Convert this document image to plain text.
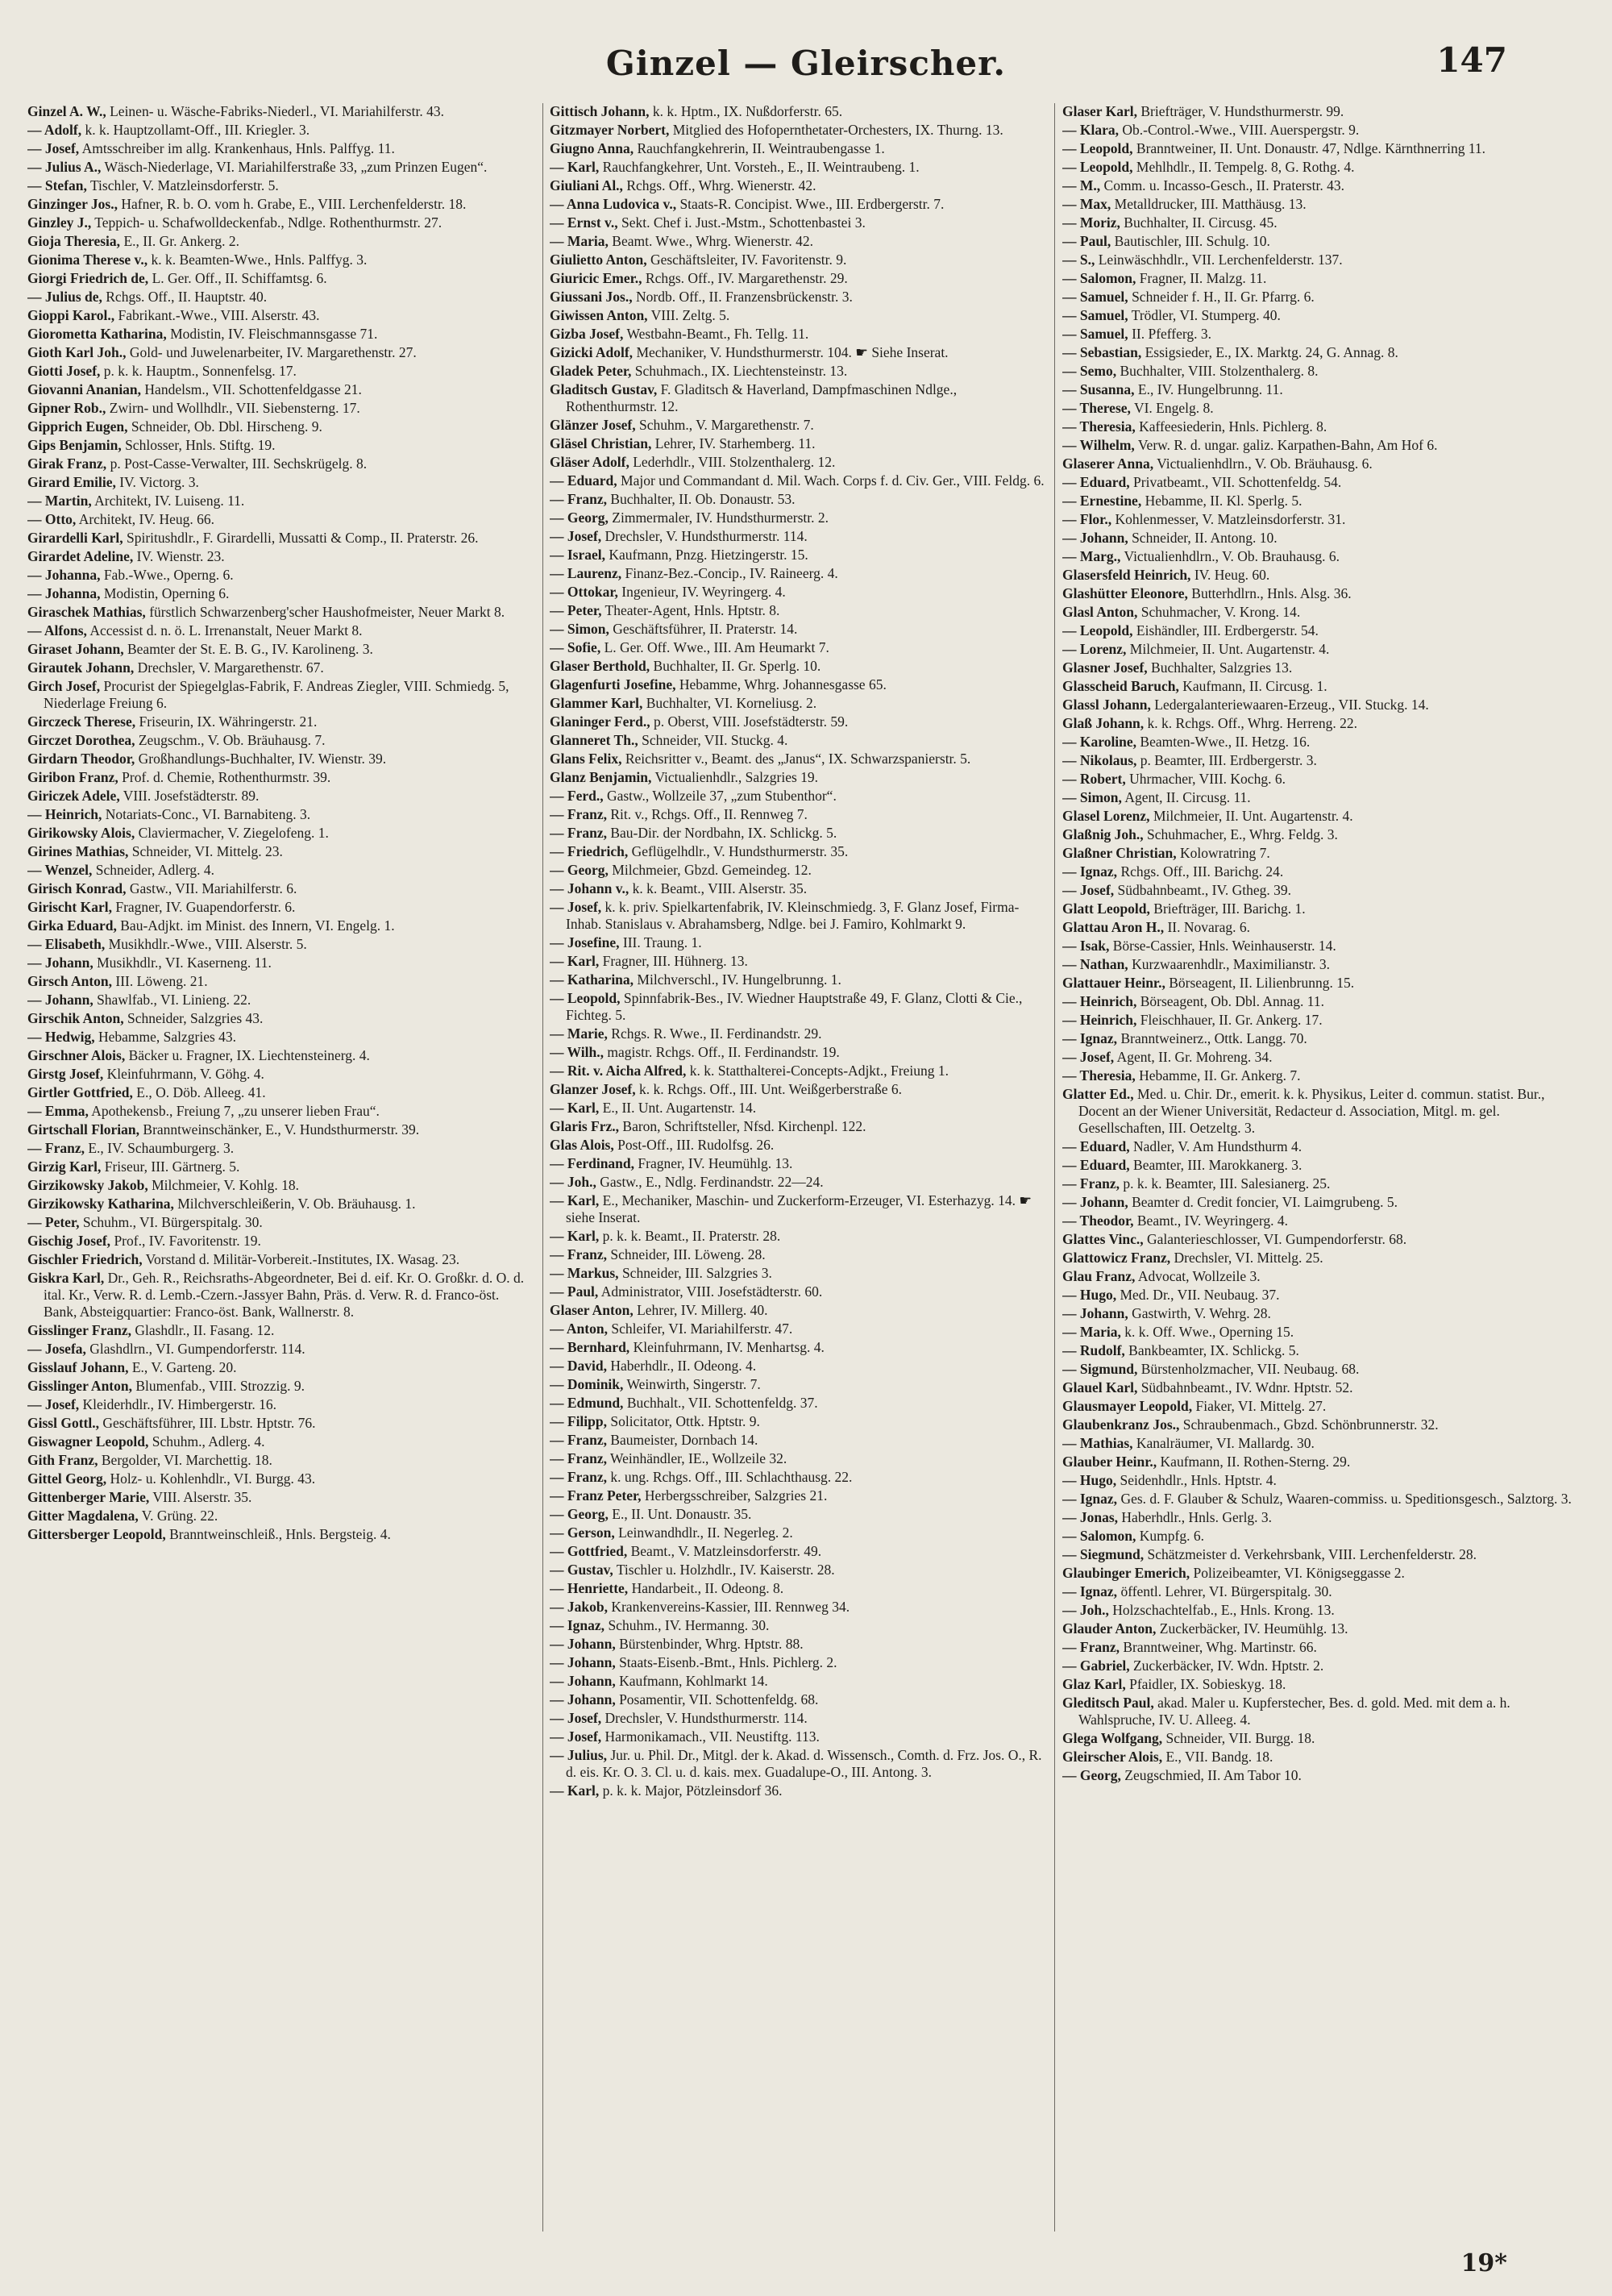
Ginzel — Gleirscher.	147
Ginzel A. W., Leinen- u. Wäsche-Fabriks-Niederl., VI. Mariahilferstr. 43.
— Adolf, k. k. Hauptzollamt-Off., III. Kriegler. 3.
— Josef, Amtsschreiber im allg. Krankenhaus, Hnls. Palffyg. 11.
— Julius A., Wäsch-Niederlage, VI. Mariahilferstraße 33, „zum Prinzen Eugen“.
— Stefan, Tischler, V. Matzleinsdorferstr. 5.
Ginzinger Jos., Hafner, R. b. O. vom h. Grabe, E., VIII. Lerchenfelderstr. 18.
Ginzley J., Teppich- u. Schafwolldeckenfab., Ndlge. Rothenthurmstr. 27.
Gioja Theresia, E., II. Gr. Ankerg. 2.
Gionima Therese v., k. k. Beamten-Wwe., Hnls. Palffyg. 3.
Giorgi Friedrich de, L. Ger. Off., II. Schiffamtsg. 6.
— Julius de, Rchgs. Off., II. Hauptstr. 40.
Gioppi Karol., Fabrikant.-Wwe., VIII. Alserstr. 43.
Giorometta Katharina, Modistin, IV. Fleischmannsgasse 71.
Gioth Karl Joh., Gold- und Juwelenarbeiter, IV. Margarethenstr. 27.
Giotti Josef, p. k. k. Hauptm., Sonnenfelsg. 17.
Giovanni Ananian, Handelsm., VII. Schottenfeldgasse 21.
Gipner Rob., Zwirn- und Wollhdlr., VII. Siebensterng. 17.
Gipprich Eugen, Schneider, Ob. Dbl. Hirscheng. 9.
Gips Benjamin, Schlosser, Hnls. Stiftg. 19.
Girak Franz, p. Post-Casse-Verwalter, III. Sechskrügelg. 8.
Girard Emilie, IV. Victorg. 3.
— Martin, Architekt, IV. Luiseng. 11.
— Otto, Architekt, IV. Heug. 66.
Girardelli Karl, Spiritushdlr., F. Girardelli, Mussatti & Comp., II. Praterstr. 26.
Girardet Adeline, IV. Wienstr. 23.
— Johanna, Fab.-Wwe., Operng. 6.
— Johanna, Modistin, Operning 6.
Giraschek Mathias, fürstlich Schwarzenberg'scher Haushofmeister, Neuer Markt 8.
— Alfons, Accessist d. n. ö. L. Irrenanstalt, Neuer Markt 8.
Giraset Johann, Beamter der St. E. B. G., IV. Karolineng. 3.
Girautek Johann, Drechsler, V. Margarethenstr. 67.
Girch Josef, Procurist der Spiegelglas-Fabrik, F. Andreas Ziegler, VIII. Schmiedg. 5, Niederlage Freiung 6.
Girczeck Therese, Friseurin, IX. Währingerstr. 21.
Girczet Dorothea, Zeugschm., V. Ob. Bräuhausg. 7.
Girdarn Theodor, Großhandlungs-Buchhalter, IV. Wienstr. 39.
Giribon Franz, Prof. d. Chemie, Rothenthurmstr. 39.
Giriczek Adele, VIII. Josefstädterstr. 89.
— Heinrich, Notariats-Conc., VI. Barnabiteng. 3.
Girikowsky Alois, Claviermacher, V. Ziegelofeng. 1.
Girines Mathias, Schneider, VI. Mittelg. 23.
— Wenzel, Schneider, Adlerg. 4.
Girisch Konrad, Gastw., VII. Mariahilferstr. 6.
Girischt Karl, Fragner, IV. Guapendorferstr. 6.
Girka Eduard, Bau-Adjkt. im Minist. des Innern, VI. Engelg. 1.
— Elisabeth, Musikhdlr.-Wwe., VIII. Alserstr. 5.
— Johann, Musikhdlr., VI. Kaserneng. 11.
Girsch Anton, III. Löweng. 21.
— Johann, Shawlfab., VI. Linieng. 22.
Girschik Anton, Schneider, Salzgries 43.
— Hedwig, Hebamme, Salzgries 43.
Girschner Alois, Bäcker u. Fragner, IX. Liechtensteinerg. 4.
Girstg Josef, Kleinfuhrmann, V. Göhg. 4.
Girtler Gottfried, E., O. Döb. Alleeg. 41.
— Emma, Apothekensb., Freiung 7, „zu unserer lieben Frau“.
Girtschall Florian, Branntweinschänker, E., V. Hundsthurmerstr. 39.
— Franz, E., IV. Schaumburgerg. 3.
Girzig Karl, Friseur, III. Gärtnerg. 5.
Girzikowsky Jakob, Milchmeier, V. Kohlg. 18.
Girzikowsky Katharina, Milchverschleißerin, V. Ob. Bräuhausg. 1.
— Peter, Schuhm., VI. Bürgerspitalg. 30.
Gischig Josef, Prof., IV. Favoritenstr. 19.
Gischler Friedrich, Vorstand d. Militär-Vorbereit.-Institutes, IX. Wasag. 23.
Giskra Karl, Dr., Geh. R., Reichsraths-Abgeordneter, Bei d. eif. Kr. O. Großkr. d. O. d. ital. Kr., Verw. R. d. Lemb.-Czern.-Jassyer Bahn, Präs. d. Verw. R. d. Franco-öst. Bank, Absteigquartier: Franco-öst. Bank, Wallnerstr. 8.
Gisslinger Franz, Glashdlr., II. Fasang. 12.
— Josefa, Glashdlrn., VI. Gumpendorferstr. 114.
Gisslauf Johann, E., V. Garteng. 20.
Gisslinger Anton, Blumenfab., VIII. Strozzig. 9.
— Josef, Kleiderhdlr., IV. Himbergerstr. 16.
Gissl Gottl., Geschäftsführer, III. Lbstr. Hptstr. 76.
Giswagner Leopold, Schuhm., Adlerg. 4.
Gith Franz, Bergolder, VI. Marchettig. 18.
Gittel Georg, Holz- u. Kohlenhdlr., VI. Burgg. 43.
Gittenberger Marie, VIII. Alserstr. 35.
Gitter Magdalena, V. Grüng. 22.
Gittersberger Leopold, Branntweinschleiß., Hnls. Bergsteig. 4.
Gittisch Johann, k. k. Hptm., IX. Nußdorferstr. 65.
Gitzmayer Norbert, Mitglied des Hofopernthetater-Orchesters, IX. Thurng. 13.
Giugno Anna, Rauchfangkehrerin, II. Weintraubengasse 1.
— Karl, Rauchfangkehrer, Unt. Vorsteh., E., II. Weintraubeng. 1.
Giuliani Al., Rchgs. Off., Whrg. Wienerstr. 42.
— Anna Ludovica v., Staats-R. Concipist. Wwe., III. Erdbergerstr. 7.
— Ernst v., Sekt. Chef i. Just.-Mstm., Schottenbastei 3.
— Maria, Beamt. Wwe., Whrg. Wienerstr. 42.
Giulietto Anton, Geschäftsleiter, IV. Favoritenstr. 9.
Giuricic Emer., Rchgs. Off., IV. Margarethenstr. 29.
Giussani Jos., Nordb. Off., II. Franzensbrückenstr. 3.
Giwissen Anton, VIII. Zeltg. 5.
Gizba Josef, Westbahn-Beamt., Fh. Tellg. 11.
Gizicki Adolf, Mechaniker, V. Hundsthurmerstr. 104. ☛ Siehe Inserat.
Gladek Peter, Schuhmach., IX. Liechtensteinstr. 13.
Gladitsch Gustav, F. Gladitsch & Haverland, Dampfmaschinen Ndlge., Rothenthurmstr. 12.
Glänzer Josef, Schuhm., V. Margarethenstr. 7.
Gläsel Christian, Lehrer, IV. Starhemberg. 11.
Gläser Adolf, Lederhdlr., VIII. Stolzenthalerg. 12.
— Eduard, Major und Commandant d. Mil. Wach. Corps f. d. Civ. Ger., VIII. Feldg. 6.
— Franz, Buchhalter, II. Ob. Donaustr. 53.
— Georg, Zimmermaler, IV. Hundsthurmerstr. 2.
— Josef, Drechsler, V. Hundsthurmerstr. 114.
— Israel, Kaufmann, Pnzg. Hietzingerstr. 15.
— Laurenz, Finanz-Bez.-Concip., IV. Raineerg. 4.
— Ottokar, Ingenieur, IV. Weyringerg. 4.
— Peter, Theater-Agent, Hnls. Hptstr. 8.
— Simon, Geschäftsführer, II. Praterstr. 14.
— Sofie, L. Ger. Off. Wwe., III. Am Heumarkt 7.
Glaser Berthold, Buchhalter, II. Gr. Sperlg. 10.
Glagenfurti Josefine, Hebamme, Whrg. Johannesgasse 65.
Glammer Karl, Buchhalter, VI. Korneliusg. 2.
Glaninger Ferd., p. Oberst, VIII. Josefstädterstr. 59.
Glanneret Th., Schneider, VII. Stuckg. 4.
Glans Felix, Reichsritter v., Beamt. des „Janus“, IX. Schwarzspanierstr. 5.
Glanz Benjamin, Victualienhdlr., Salzgries 19.
— Ferd., Gastw., Wollzeile 37, „zum Stubenthor“.
— Franz, Rit. v., Rchgs. Off., II. Rennweg 7.
— Franz, Bau-Dir. der Nordbahn, IX. Schlickg. 5.
— Friedrich, Geflügelhdlr., V. Hundsthurmerstr. 35.
— Georg, Milchmeier, Gbzd. Gemeindeg. 12.
— Johann v., k. k. Beamt., VIII. Alserstr. 35.
— Josef, k. k. priv. Spielkartenfabrik, IV. Kleinschmiedg. 3, F. Glanz Josef, Firma-Inhab. Stanislaus v. Abrahamsberg, Ndlge. bei J. Famiro, Kohlmarkt 9.
— Josefine, III. Traung. 1.
— Karl, Fragner, III. Hühnerg. 13.
— Katharina, Milchverschl., IV. Hungelbrunng. 1.
— Leopold, Spinnfabrik-Bes., IV. Wiedner Hauptstraße 49, F. Glanz, Clotti & Cie., Fichteg. 5.
— Marie, Rchgs. R. Wwe., II. Ferdinandstr. 29.
— Wilh., magistr. Rchgs. Off., II. Ferdinandstr. 19.
— Rit. v. Aicha Alfred, k. k. Statthalterei-Concepts-Adjkt., Freiung 1.
Glanzer Josef, k. k. Rchgs. Off., III. Unt. Weißgerberstraße 6.
— Karl, E., II. Unt. Augartenstr. 14.
Glaris Frz., Baron, Schriftsteller, Nfsd. Kirchenpl. 122.
Glas Alois, Post-Off., III. Rudolfsg. 26.
— Ferdinand, Fragner, IV. Heumühlg. 13.
— Joh., Gastw., E., Ndlg. Ferdinandstr. 22—24.
— Karl, E., Mechaniker, Maschin- und Zuckerform-Erzeuger, VI. Esterhazyg. 14. ☛ siehe Inserat.
— Karl, p. k. k. Beamt., II. Praterstr. 28.
— Franz, Schneider, III. Löweng. 28.
— Markus, Schneider, III. Salzgries 3.
— Paul, Administrator, VIII. Josefstädterstr. 60.
Glaser Anton, Lehrer, IV. Millerg. 40.
— Anton, Schleifer, VI. Mariahilferstr. 47.
— Bernhard, Kleinfuhrmann, IV. Menhartsg. 4.
— David, Haberhdlr., II. Odeong. 4.
— Dominik, Weinwirth, Singerstr. 7.
— Edmund, Buchhalt., VII. Schottenfeldg. 37.
— Filipp, Solicitator, Ottk. Hptstr. 9.
— Franz, Baumeister, Dornbach 14.
— Franz, Weinhändler, IE., Wollzeile 32.
— Franz, k. ung. Rchgs. Off., III. Schlachthausg. 22.
— Franz Peter, Herbergsschreiber, Salzgries 21.
— Georg, E., II. Unt. Donaustr. 35.
— Gerson, Leinwandhdlr., II. Negerleg. 2.
— Gottfried, Beamt., V. Matzleinsdorferstr. 49.
— Gustav, Tischler u. Holzhdlr., IV. Kaiserstr. 28.
— Henriette, Handarbeit., II. Odeong. 8.
— Jakob, Krankenvereins-Kassier, III. Rennweg 34.
— Ignaz, Schuhm., IV. Hermanng. 30.
— Johann, Bürstenbinder, Whrg. Hptstr. 88.
— Johann, Staats-Eisenb.-Bmt., Hnls. Pichlerg. 2.
— Johann, Kaufmann, Kohlmarkt 14.
— Johann, Posamentir, VII. Schottenfeldg. 68.
— Josef, Drechsler, V. Hundsthurmerstr. 114.
— Josef, Harmonikamach., VII. Neustiftg. 113.
— Julius, Jur. u. Phil. Dr., Mitgl. der k. Akad. d. Wissensch., Comth. d. Frz. Jos. O., R. d. eis. Kr. O. 3. Cl. u. d. kais. mex. Guadalupe-O., III. Antong. 3.
— Karl, p. k. k. Major, Pötzleinsdorf 36.
Glaser Karl, Briefträger, V. Hundsthurmerstr. 99.
— Klara, Ob.-Control.-Wwe., VIII. Auerspergstr. 9.
— Leopold, Branntweiner, II. Unt. Donaustr. 47, Ndlge. Kärnthnerring 11.
— Leopold, Mehlhdlr., II. Tempelg. 8, G. Rothg. 4.
— M., Comm. u. Incasso-Gesch., II. Praterstr. 43.
— Max, Metalldrucker, III. Matthäusg. 13.
— Moriz, Buchhalter, II. Circusg. 45.
— Paul, Bautischler, III. Schulg. 10.
— S., Leinwäschhdlr., VII. Lerchenfelderstr. 137.
— Salomon, Fragner, II. Malzg. 11.
— Samuel, Schneider f. H., II. Gr. Pfarrg. 6.
— Samuel, Trödler, VI. Stumperg. 40.
— Samuel, II. Pfefferg. 3.
— Sebastian, Essigsieder, E., IX. Marktg. 24, G. Annag. 8.
— Semo, Buchhalter, VIII. Stolzenthalerg. 8.
— Susanna, E., IV. Hungelbrunng. 11.
— Therese, VI. Engelg. 8.
— Theresia, Kaffeesiederin, Hnls. Pichlerg. 8.
— Wilhelm, Verw. R. d. ungar. galiz. Karpathen-Bahn, Am Hof 6.
Glaserer Anna, Victualienhdlrn., V. Ob. Bräuhausg. 6.
— Eduard, Privatbeamt., VII. Schottenfeldg. 54.
— Ernestine, Hebamme, II. Kl. Sperlg. 5.
— Flor., Kohlenmesser, V. Matzleinsdorferstr. 31.
— Johann, Schneider, II. Antong. 10.
— Marg., Victualienhdlrn., V. Ob. Brauhausg. 6.
Glasersfeld Heinrich, IV. Heug. 60.
Glashütter Eleonore, Butterhdlrn., Hnls. Alsg. 36.
Glasl Anton, Schuhmacher, V. Krong. 14.
— Leopold, Eishändler, III. Erdbergerstr. 54.
— Lorenz, Milchmeier, II. Unt. Augartenstr. 4.
Glasner Josef, Buchhalter, Salzgries 13.
Glasscheid Baruch, Kaufmann, II. Circusg. 1.
Glassl Johann, Ledergalanteriewaaren-Erzeug., VII. Stuckg. 14.
Glaß Johann, k. k. Rchgs. Off., Whrg. Herreng. 22.
— Karoline, Beamten-Wwe., II. Hetzg. 16.
— Nikolaus, p. Beamter, III. Erdbergerstr. 3.
— Robert, Uhrmacher, VIII. Kochg. 6.
— Simon, Agent, II. Circusg. 11.
Glasel Lorenz, Milchmeier, II. Unt. Augartenstr. 4.
Glaßnig Joh., Schuhmacher, E., Whrg. Feldg. 3.
Glaßner Christian, Kolowratring 7.
— Ignaz, Rchgs. Off., III. Barichg. 24.
— Josef, Südbahnbeamt., IV. Gtheg. 39.
Glatt Leopold, Briefträger, III. Barichg. 1.
Glattau Aron H., II. Novarag. 6.
— Isak, Börse-Cassier, Hnls. Weinhauserstr. 14.
— Nathan, Kurzwaarenhdlr., Maximilianstr. 3.
Glattauer Heinr., Börseagent, II. Lilienbrunng. 15.
— Heinrich, Börseagent, Ob. Dbl. Annag. 11.
— Heinrich, Fleischhauer, II. Gr. Ankerg. 17.
— Ignaz, Branntweinerz., Ottk. Langg. 70.
— Josef, Agent, II. Gr. Mohreng. 34.
— Theresia, Hebamme, II. Gr. Ankerg. 7.
Glatter Ed., Med. u. Chir. Dr., emerit. k. k. Physikus, Leiter d. commun. statist. Bur., Docent an der Wiener Universität, Redacteur d. Association, Mitgl. m. gel. Gesellschaften, III. Oetzeltg. 3.
— Eduard, Nadler, V. Am Hundsthurm 4.
— Eduard, Beamter, III. Marokkanerg. 3.
— Franz, p. k. k. Beamter, III. Salesianerg. 25.
— Johann, Beamter d. Credit foncier, VI. Laimgrubeng. 5.
— Theodor, Beamt., IV. Weyringerg. 4.
Glattes Vinc., Galanterieschlosser, VI. Gumpendorferstr. 68.
Glattowicz Franz, Drechsler, VI. Mittelg. 25.
Glau Franz, Advocat, Wollzeile 3.
— Hugo, Med. Dr., VII. Neubaug. 37.
— Johann, Gastwirth, V. Wehrg. 28.
— Maria, k. k. Off. Wwe., Operning 15.
— Rudolf, Bankbeamter, IX. Schlickg. 5.
— Sigmund, Bürstenholzmacher, VII. Neubaug. 68.
Glauel Karl, Südbahnbeamt., IV. Wdnr. Hptstr. 52.
Glausmayer Leopold, Fiaker, VI. Mittelg. 27.
Glaubenkranz Jos., Schraubenmach., Gbzd. Schönbrunnerstr. 32.
— Mathias, Kanalräumer, VI. Mallardg. 30.
Glauber Heinr., Kaufmann, II. Rothen-Sterng. 29.
— Hugo, Seidenhdlr., Hnls. Hptstr. 4.
— Ignaz, Ges. d. F. Glauber & Schulz, Waaren-commiss. u. Speditionsgesch., Salztorg. 3.
— Jonas, Haberhdlr., Hnls. Gerlg. 3.
— Salomon, Kumpfg. 6.
— Siegmund, Schätzmeister d. Verkehrsbank, VIII. Lerchenfelderstr. 28.
Glaubinger Emerich, Polizeibeamter, VI. Königseggasse 2.
— Ignaz, öffentl. Lehrer, VI. Bürgerspitalg. 30.
— Joh., Holzschachtelfab., E., Hnls. Krong. 13.
Glauder Anton, Zuckerbäcker, IV. Heumühlg. 13.
— Franz, Branntweiner, Whg. Martinstr. 66.
— Gabriel, Zuckerbäcker, IV. Wdn. Hptstr. 2.
Glaz Karl, Pfaidler, IX. Sobieskyg. 18.
Gleditsch Paul, akad. Maler u. Kupferstecher, Bes. d. gold. Med. mit dem a. h. Wahlspruche, IV. U. Alleeg. 4.
Glega Wolfgang, Schneider, VII. Burgg. 18.
Gleirscher Alois, E., VII. Bandg. 18.
— Georg, Zeugschmied, II. Am Tabor 10.
19*
